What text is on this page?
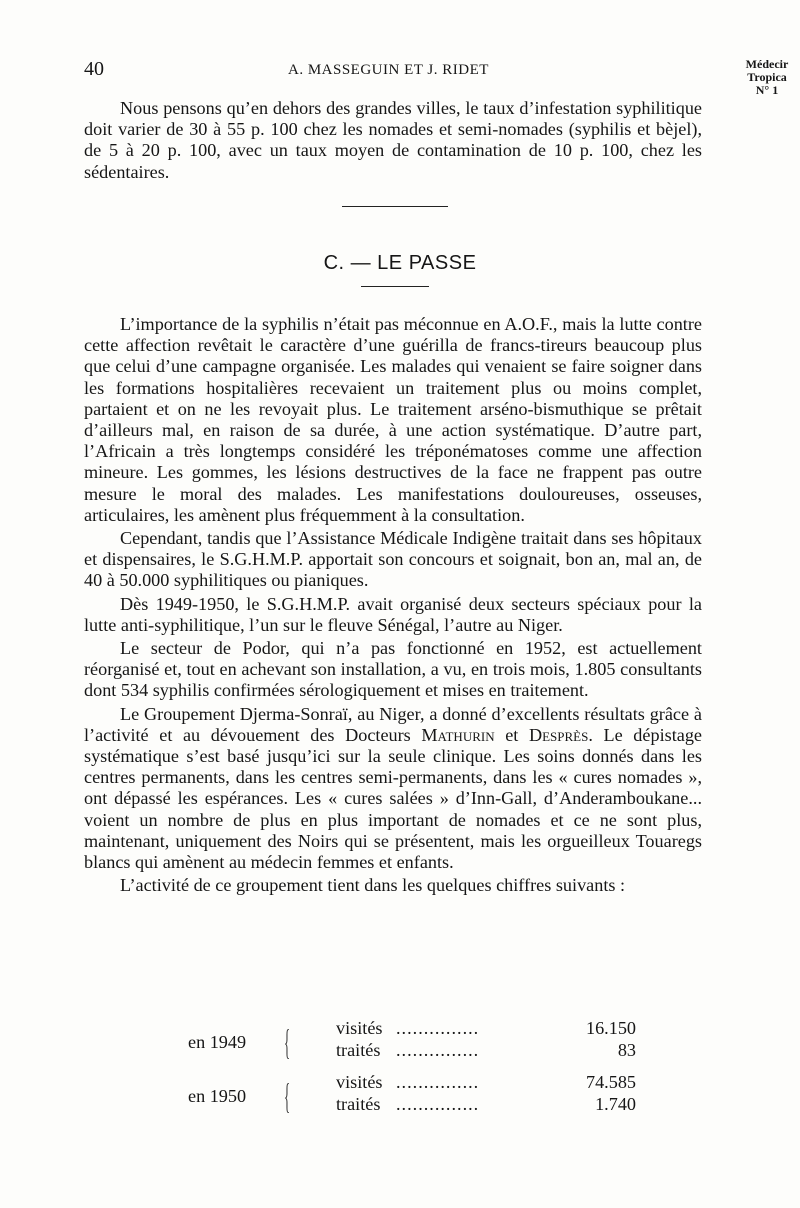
40	A. MASSEGUIN ET J. RIDET	Médecir
Tropica
N° 1

Nous pensons qu’en dehors des grandes villes, le taux d’infestation syphilitique doit varier de 30 à 55 p. 100 chez les nomades et semi-nomades (syphilis et bèjel), de 5 à 20 p. 100, avec un taux moyen de contamination de 10 p. 100, chez les sédentaires.

C. — LE PASSE

L’importance de la syphilis n’était pas méconnue en A.O.F., mais la lutte contre cette affection revêtait le caractère d’une guérilla de francs-tireurs beaucoup plus que celui d’une campagne organisée. Les malades qui venaient se faire soigner dans les formations hospitalières recevaient un traitement plus ou moins complet, partaient et on ne les revoyait plus. Le traitement arséno-bismuthique se prêtait d’ailleurs mal, en raison de sa durée, à une action systématique. D’autre part, l’Africain a très longtemps considéré les tréponématoses comme une affection mineure. Les gommes, les lésions destructives de la face ne frappent pas outre mesure le moral des malades. Les manifestations douloureuses, osseuses, articulaires, les amènent plus fréquemment à la consultation.

Cependant, tandis que l’Assistance Médicale Indigène traitait dans ses hôpitaux et dispensaires, le S.G.H.M.P. apportait son concours et soignait, bon an, mal an, de 40 à 50.000 syphilitiques ou pianiques.

Dès 1949-1950, le S.G.H.M.P. avait organisé deux secteurs spéciaux pour la lutte anti-syphilitique, l’un sur le fleuve Sénégal, l’autre au Niger.

Le secteur de Podor, qui n’a pas fonctionné en 1952, est actuellement réorganisé et, tout en achevant son installation, a vu, en trois mois, 1.805 consultants dont 534 syphilis confirmées sérologiquement et mises en traitement.

Le Groupement Djerma-Sonraï, au Niger, a donné d’excellents résultats grâce à l’activité et au dévouement des Docteurs Mathurin et Desprès. Le dépistage systématique s’est basé jusqu’ici sur la seule clinique. Les soins donnés dans les centres permanents, dans les centres semi-permanents, dans les « cures nomades », ont dépassé les espérances. Les « cures salées » d’Inn-Gall, d’Anderamboukane... voient un nombre de plus en plus important de nomades et ce ne sont plus, maintenant, uniquement des Noirs qui se présentent, mais les orgueilleux Touaregs blancs qui amènent au médecin femmes et enfants.

L’activité de ce groupement tient dans les quelques chiffres suivants :

en 1949 {	visités ...............	16.150
traités ...............	83
en 1950 {	visités ...............	74.585
traités ...............	1.740
